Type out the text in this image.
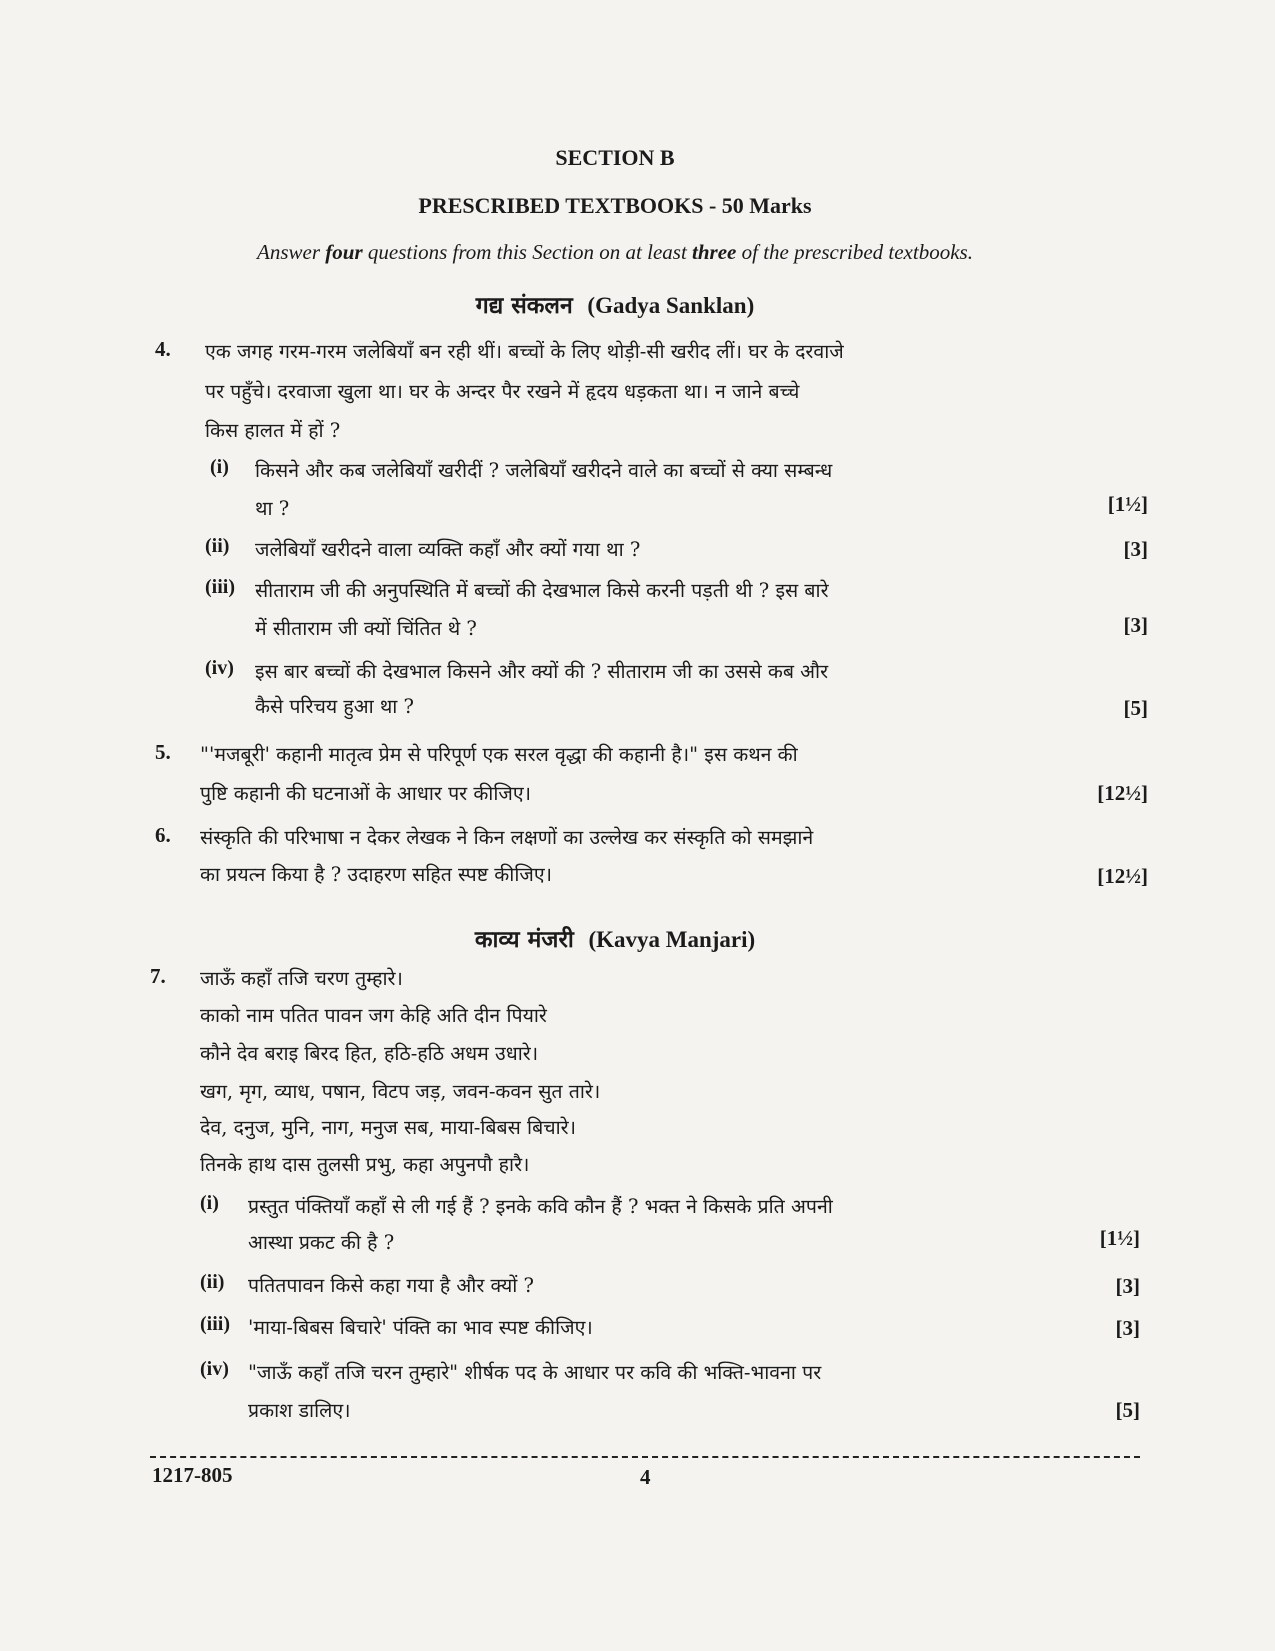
SECTION B
PRESCRIBED TEXTBOOKS - 50 Marks
Answer four questions from this Section on at least three of the prescribed textbooks.
गद्य संकलन (Gadya Sanklan)
4. एक जगह गरम-गरम जलेबियाँ बन रही थीं। बच्चों के लिए थोड़ी-सी खरीद लीं। घर के दरवाजे
पर पहुँचे। दरवाजा खुला था। घर के अन्दर पैर रखने में हृदय धड़कता था। न जाने बच्चे
किस हालत में हों ?
(i) किसने और कब जलेबियाँ खरीदीं ? जलेबियाँ खरीदने वाले का बच्चों से क्या सम्बन्ध
था ?	[1½]
(ii) जलेबियाँ खरीदने वाला व्यक्ति कहाँ और क्यों गया था ?	[3]
(iii) सीताराम जी की अनुपस्थिति में बच्चों की देखभाल किसे करनी पड़ती थी ? इस बारे
में सीताराम जी क्यों चिंतित थे ?	[3]
(iv) इस बार बच्चों की देखभाल किसने और क्यों की ? सीताराम जी का उससे कब और
कैसे परिचय हुआ था ?	[5]
5. "'मजबूरी' कहानी मातृत्व प्रेम से परिपूर्ण एक सरल वृद्धा की कहानी है।" इस कथन की
पुष्टि कहानी की घटनाओं के आधार पर कीजिए।	[12½]
6. संस्कृति की परिभाषा न देकर लेखक ने किन लक्षणों का उल्लेख कर संस्कृति को समझाने
का प्रयत्न किया है ? उदाहरण सहित स्पष्ट कीजिए।	[12½]
काव्य मंजरी (Kavya Manjari)
7. जाऊँ कहाँ तजि चरण तुम्हारे।
काको नाम पतित पावन जग केहि अति दीन पियारे
कौने देव बराइ बिरद हित, हठि-हठि अधम उधारे।
खग, मृग, व्याध, पषान, विटप जड़, जवन-कवन सुत तारे।
देव, दनुज, मुनि, नाग, मनुज सब, माया-बिबस बिचारे।
तिनके हाथ दास तुलसी प्रभु, कहा अपुनपौ हारै।
(i) प्रस्तुत पंक्तियाँ कहाँ से ली गई हैं ? इनके कवि कौन हैं ? भक्त ने किसके प्रति अपनी
आस्था प्रकट की है ?	[1½]
(ii) पतितपावन किसे कहा गया है और क्यों ?	[3]
(iii) 'माया-बिबस बिचारे' पंक्ति का भाव स्पष्ट कीजिए।	[3]
(iv) "जाऊँ कहाँ तजि चरन तुम्हारे" शीर्षक पद के आधार पर कवि की भक्ति-भावना पर
प्रकाश डालिए।	[5]
1217-805	4
